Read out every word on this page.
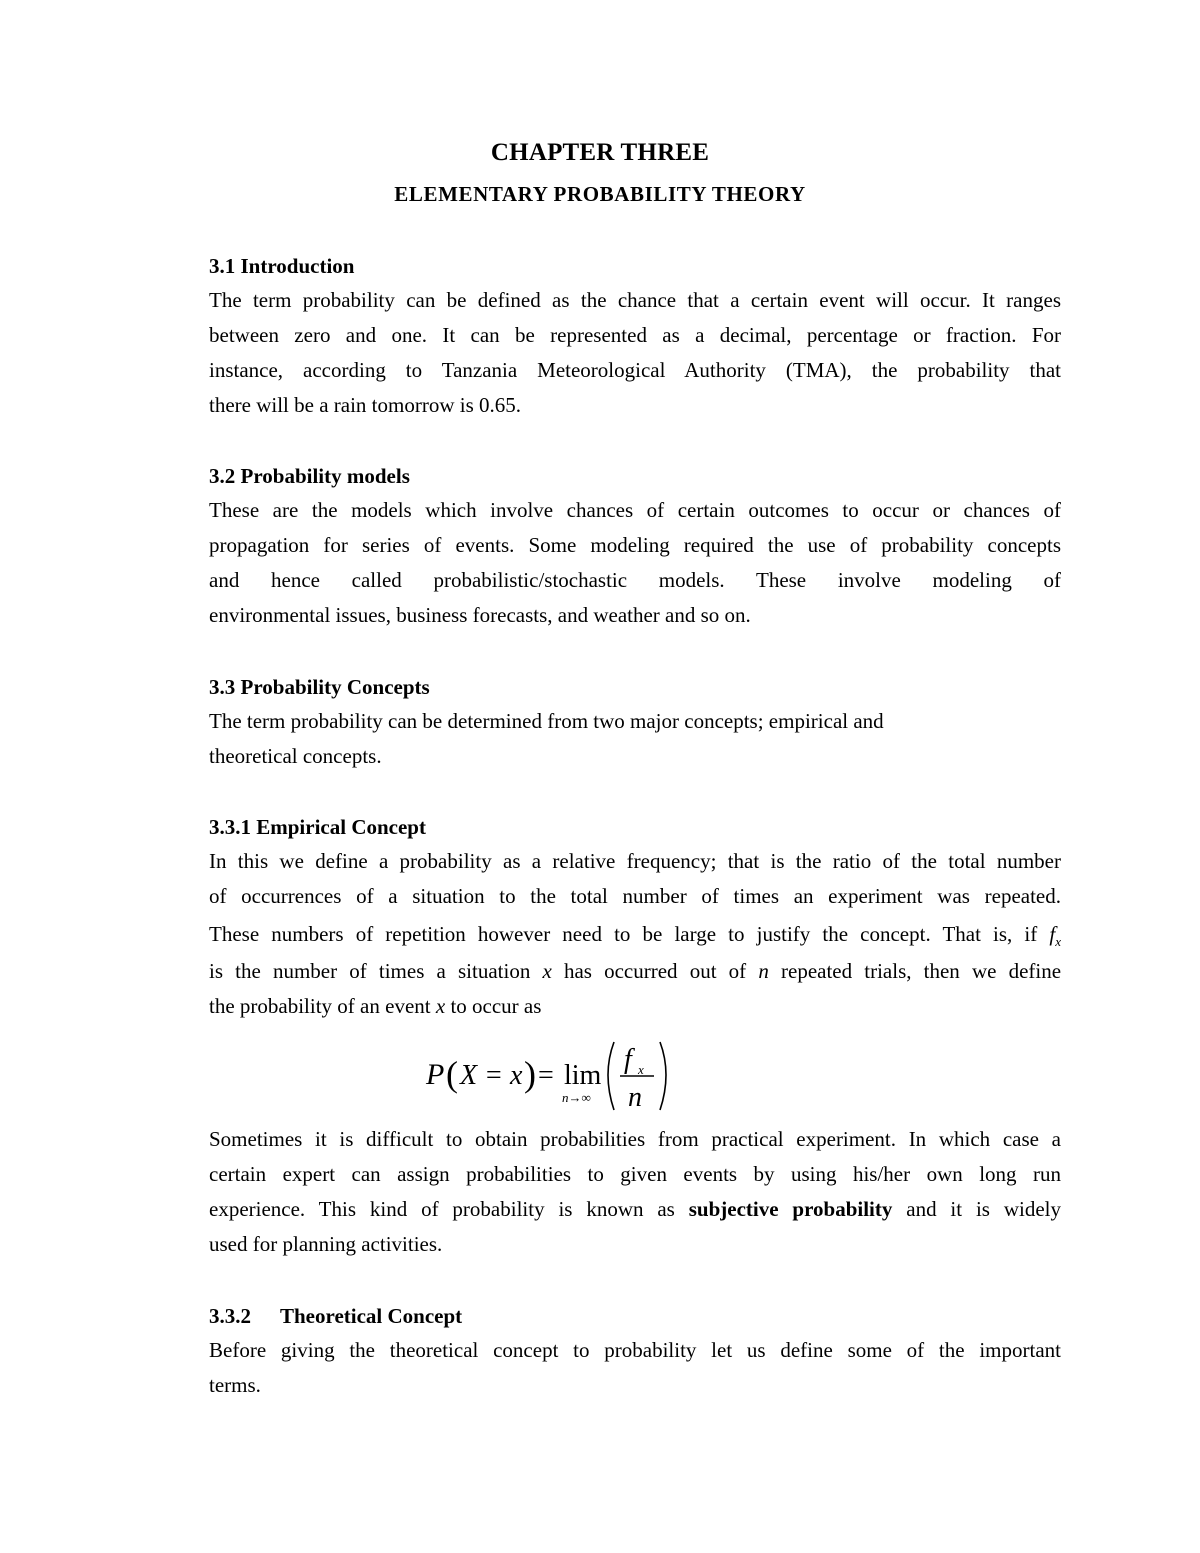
CHAPTER THREE
ELEMENTARY PROBABILITY THEORY
3.1 Introduction
The term probability can be defined as the chance that a certain event will occur. It ranges
between zero and one. It can be represented as a decimal, percentage or fraction. For
instance, according to Tanzania Meteorological Authority (TMA), the probability that
there will be a rain tomorrow is 0.65.
3.2 Probability models
These are the models which involve chances of certain outcomes to occur or chances of
propagation for series of events. Some modeling required the use of probability concepts
and hence called probabilistic/stochastic models. These involve modeling of
environmental issues, business forecasts, and weather and so on.
3.3 Probability Concepts
The term probability can be determined from two major concepts; empirical and
theoretical concepts.
3.3.1 Empirical Concept
In this we define a probability as a relative frequency; that is the ratio of the total number
of occurrences of a situation to the total number of times an experiment was repeated.
These numbers of repetition however need to be large to justify the concept. That is, if $f_x$
is the number of times a situation x has occurred out of n repeated trials, then we define
the probability of an event x to occur as
P ( X = x ) = lim
n→∞
f x
n
Sometimes it is difficult to obtain probabilities from practical experiment. In which case a
certain expert can assign probabilities to given events by using his/her own long run
experience. This kind of probability is known as subjective probability and it is widely
used for planning activities.
3.3.2 Theoretical Concept
Before giving the theoretical concept to probability let us define some of the important
terms.
